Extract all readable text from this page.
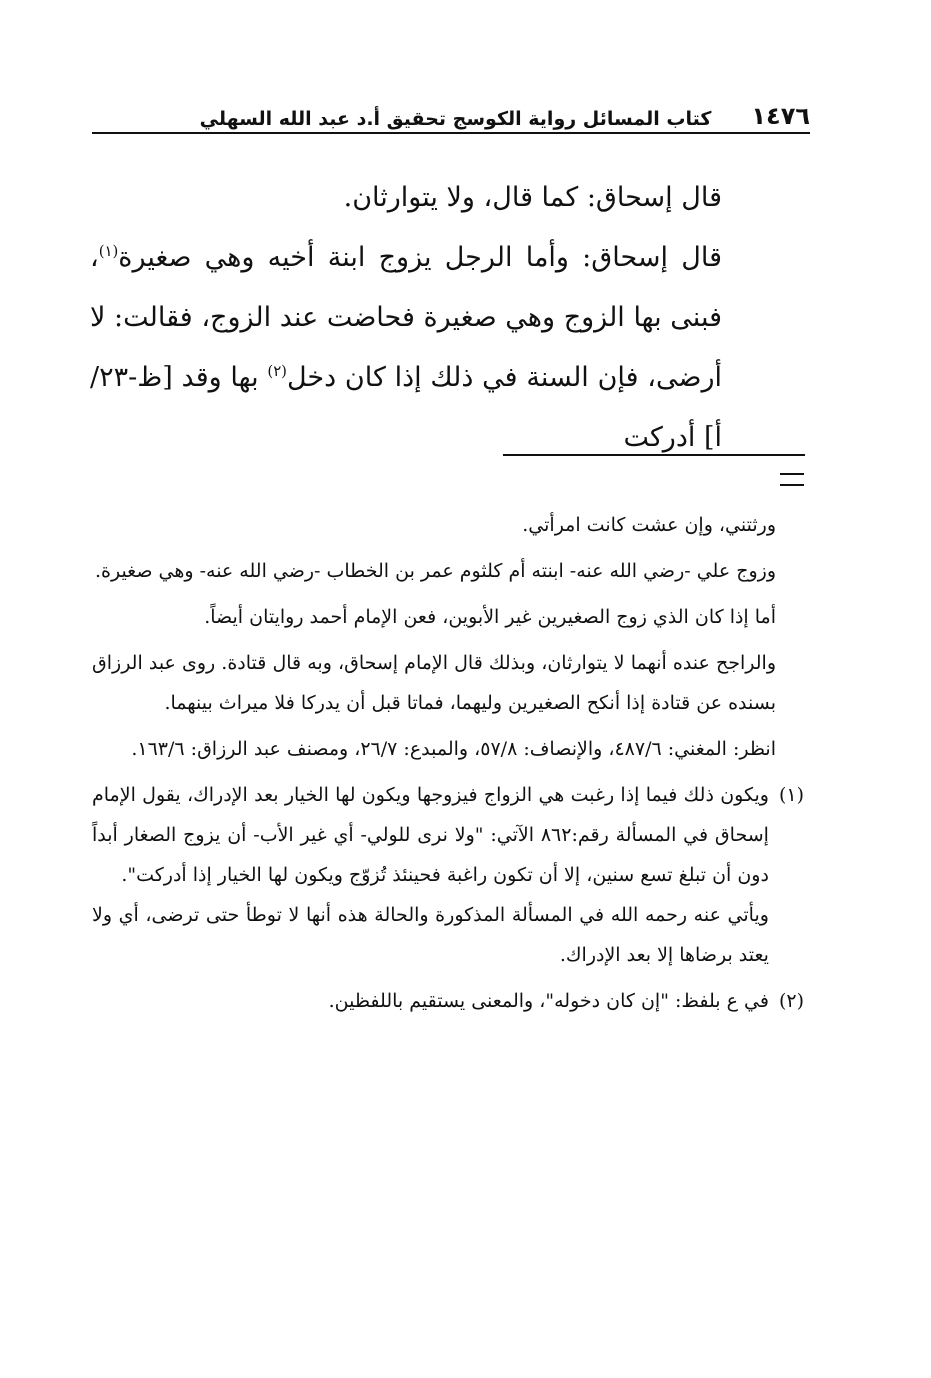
١٤٧٦
كتاب المسائل رواية الكوسج تحقيق أ.د عبد الله السهلي

قال إسحاق: كما قال، ولا يتوارثان.

قال إسحاق: وأما الرجل يزوج ابنة أخيه وهي صغيرة$^{(١)}$، فبنى بها الزوج وهي صغيرة فحاضت عند الزوج، فقالت: لا أرضى، فإن السنة في ذلك إذا كان دخل$^{(٢)}$ بها وقد [ظ-٢٣/أ] أدركت

ورثتني، وإن عشت كانت امرأتي.

وزوج علي -رضي الله عنه- ابنته أم كلثوم عمر بن الخطاب -رضي الله عنه- وهي صغيرة.

أما إذا كان الذي زوج الصغيرين غير الأبوين، فعن الإمام أحمد روايتان أيضاً.

والراجح عنده أنهما لا يتوارثان، وبذلك قال الإمام إسحاق، وبه قال قتادة. روى عبد الرزاق بسنده عن قتادة إذا أنكح الصغيرين وليهما، فماتا قبل أن يدركا فلا ميراث بينهما.

انظر: المغني: ٤٨٧/٦، والإنصاف: ٥٧/٨، والمبدع: ٢٦/٧، ومصنف عبد الرزاق: ١٦٣/٦.

(١)
ويكون ذلك فيما إذا رغبت هي الزواج فيزوجها ويكون لها الخيار بعد الإدراك، يقول الإمام إسحاق في المسألة رقم:٨٦٢ الآتي: "ولا نرى للولي- أي غير الأب- أن يزوج الصغار أبداً دون أن تبلغ تسع سنين، إلا أن تكون راغبة فحينئذ تُزوّج ويكون لها الخيار إذا أدركت".
ويأتي عنه رحمه الله في المسألة المذكورة والحالة هذه أنها لا توطأ حتى ترضى، أي ولا يعتد برضاها إلا بعد الإدراك.
(٢)
في ع بلفظ: "إن كان دخوله"، والمعنى يستقيم باللفظين.
